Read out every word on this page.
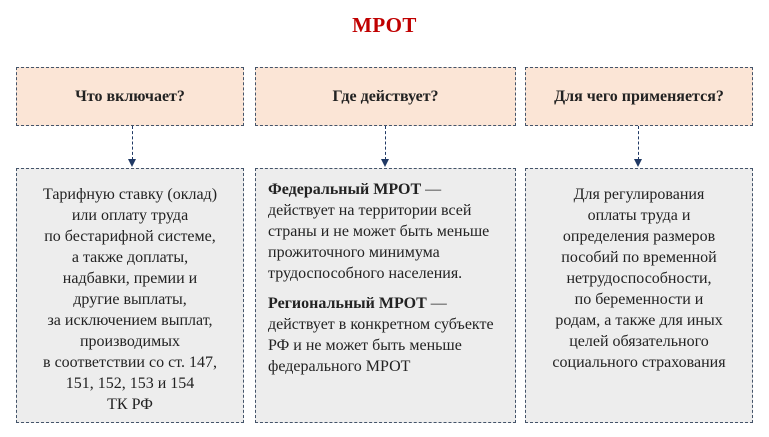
МРОТ
Что включает?	Где действует?	Для чего применяется?
Тарифную ставку (оклад)
или оплату труда
по бестарифной системе,
а также доплаты,
надбавки, премии и
другие выплаты,
за исключением выплат,
производимых
в соответствии со ст. 147,
151, 152, 153 и 154
ТК РФ

Федеральный МРОТ — действует на территории всей страны и не может быть меньше прожиточного минимума трудоспособного населения.

Региональный МРОТ — действует в конкретном субъекте РФ и не может быть меньше федерального МРОТ

Для регулирования
оплаты труда и
определения размеров
пособий по временной
нетрудоспособности,
по беременности и
родам, а также для иных
целей обязательного
социального страхования
